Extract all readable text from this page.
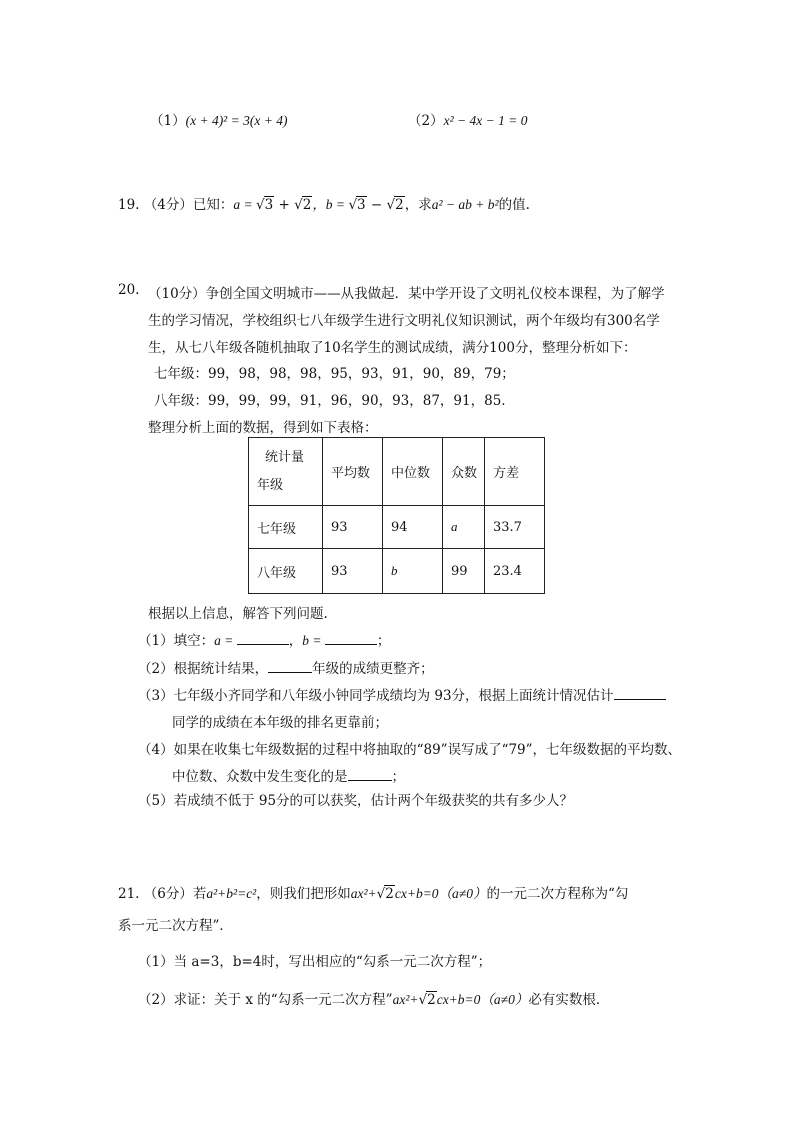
（1）(x + 4)² = 3(x + 4)	（2）x² − 4x − 1 = 0
19. （4分）已知：a = √3 + √2，b = √3 − √2，求a² − ab + b²的值.
20. （10分）争创全国文明城市——从我做起．某中学开设了文明礼仪校本课程，为了解学
生的学习情况，学校组织七八年级学生进行文明礼仪知识测试，两个年级均有300名学
生，从七八年级各随机抽取了10名学生的测试成绩，满分100分，整理分析如下：
七年级：99，98，98，98，95，93，91，90，89，79；
八年级：99，99，99，91，96，90，93，87，91，85.
整理分析上面的数据，得到如下表格：
统计量
年级	平均数	中位数	众数	方差
七年级	93	94	a	33.7
八年级	93	b	99	23.4
根据以上信息，解答下列问题.
（1）填空：a =	，b =	；
（2）根据统计结果，	年级的成绩更整齐；
（3）七年级小齐同学和八年级小钟同学成绩均为 93分，根据上面统计情况估计
同学的成绩在本年级的排名更靠前；
（4）如果在收集七年级数据的过程中将抽取的“89”误写成了“79”，七年级数据的平均数、
中位数、众数中发生变化的是	；
（5）若成绩不低于 95分的可以获奖，估计两个年级获奖的共有多少人？
21. （6分）若a²+b²=c²，则我们把形如ax²+√2cx+b=0（a≠0）的一元二次方程称为“勾
系一元二次方程”．
（1）当 a=3，b=4时，写出相应的“勾系一元二次方程”；
（2）求证：关于 x 的“勾系一元二次方程”ax²+√2cx+b=0（a≠0）必有实数根．
